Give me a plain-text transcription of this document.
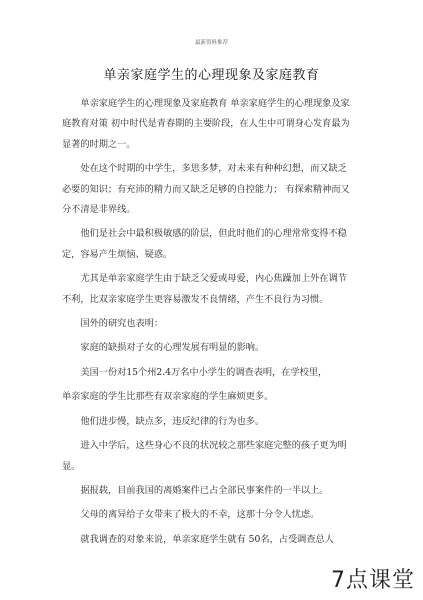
最新资料推荐
单亲家庭学生的心理现象及家庭教育

单亲家庭学生的心理现象及家庭教育 单亲家庭学生的心理现象及家庭教育对策 初中时代是青春期的主要阶段，在人生中可谓身心发育最为显著的时期之一。

处在这个时期的中学生，多思多梦，对未来有种种幻想，而又缺乏必要的知识；有充沛的精力而又缺乏足够的自控能力； 有探索精神而又分不清是非界线。

他们是社会中最积极敏感的阶层，但此时他们的心理常常变得不稳定，容易产生烦恼、疑惑。

尤其是单亲家庭学生由于缺乏父爱或母爱，内心焦躁加上外在调节不利，比双亲家庭学生更容易激发不良情绪，产生不良行为习惯。

国外的研究也表明：

家庭的缺损对子女的心理发展有明显的影响。

美国一份对15个州2.4万名中小学生的调查表明，在学校里，

单亲家庭的学生比那些有双亲家庭的学生麻烦更多。

他们进步慢，缺点多，违反纪律的行为也多。

进入中学后，这些身心不良的状况较之那些家庭完整的孩子更为明显。

据报载，目前我国的离婚案件已占全部民事案件的一半以上。

父母的离异给子女带来了极大的不幸，这那十分令人忧虑。

就我调查的对象来说，单亲家庭学生就有 50名，占受调查总人

7点课堂
